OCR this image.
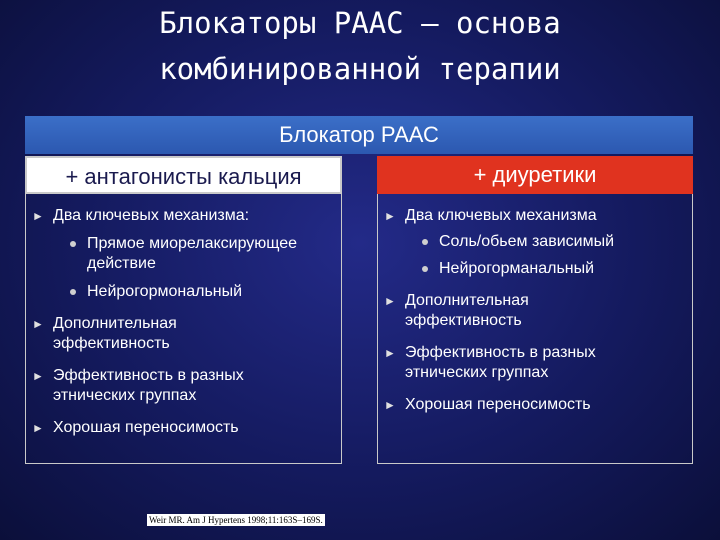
Блокаторы РААС – основа
комбинированной терапии
Блокатор РААС
+ антагонисты кальция	+ диуретики
► Два ключевых механизма:
Прямое миорелаксирующее действие
Нейрогормональный
► Дополнительная эффективность
► Эффективность в разных этнических группах
► Хорошая переносимость
► Два ключевых механизма
Соль/обьем зависимый
Нейрогорманальный
► Дополнительная эффективность
► Эффективность в разных этнических группах
► Хорошая переносимость
Weir MR. Am J Hypertens 1998;11:163S–169S.
